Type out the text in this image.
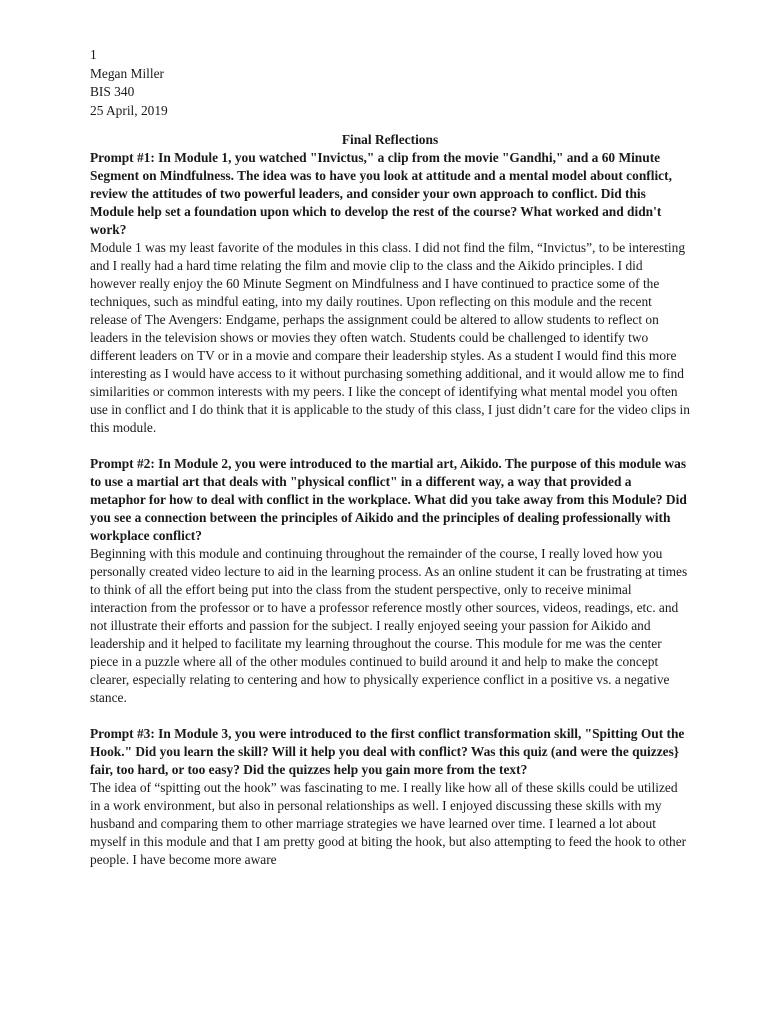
1

Megan Miller

BIS 340

25 April, 2019

Final Reflections

Prompt #1: In Module 1, you watched "Invictus," a clip from the movie "Gandhi," and a 60 Minute Segment on Mindfulness. The idea was to have you look at attitude and a mental model about conflict, review the attitudes of two powerful leaders, and consider your own approach to conflict. Did this Module help set a foundation upon which to develop the rest of the course? What worked and didn't work?

Module 1 was my least favorite of the modules in this class. I did not find the film, “Invictus”, to be interesting and I really had a hard time relating the film and movie clip to the class and the Aikido principles. I did however really enjoy the 60 Minute Segment on Mindfulness and I have continued to practice some of the techniques, such as mindful eating, into my daily routines. Upon reflecting on this module and the recent release of The Avengers: Endgame, perhaps the assignment could be altered to allow students to reflect on leaders in the television shows or movies they often watch. Students could be challenged to identify two different leaders on TV or in a movie and compare their leadership styles. As a student I would find this more interesting as I would have access to it without purchasing something additional, and it would allow me to find similarities or common interests with my peers. I like the concept of identifying what mental model you often use in conflict and I do think that it is applicable to the study of this class, I just didn’t care for the video clips in this module.

Prompt #2: In Module 2, you were introduced to the martial art, Aikido. The purpose of this module was to use a martial art that deals with "physical conflict" in a different way, a way that provided a metaphor for how to deal with conflict in the workplace. What did you take away from this Module? Did you see a connection between the principles of Aikido and the principles of dealing professionally with workplace conflict?

Beginning with this module and continuing throughout the remainder of the course, I really loved how you personally created video lecture to aid in the learning process. As an online student it can be frustrating at times to think of all the effort being put into the class from the student perspective, only to receive minimal interaction from the professor or to have a professor reference mostly other sources, videos, readings, etc. and not illustrate their efforts and passion for the subject. I really enjoyed seeing your passion for Aikido and leadership and it helped to facilitate my learning throughout the course. This module for me was the center piece in a puzzle where all of the other modules continued to build around it and help to make the concept clearer, especially relating to centering and how to physically experience conflict in a positive vs. a negative stance.

Prompt #3: In Module 3, you were introduced to the first conflict transformation skill, "Spitting Out the Hook." Did you learn the skill? Will it help you deal with conflict? Was this quiz (and were the quizzes} fair, too hard, or too easy? Did the quizzes help you gain more from the text?

The idea of “spitting out the hook” was fascinating to me. I really like how all of these skills could be utilized in a work environment, but also in personal relationships as well. I enjoyed discussing these skills with my husband and comparing them to other marriage strategies we have learned over time. I learned a lot about myself in this module and that I am pretty good at biting the hook, but also attempting to feed the hook to other people. I have become more aware
